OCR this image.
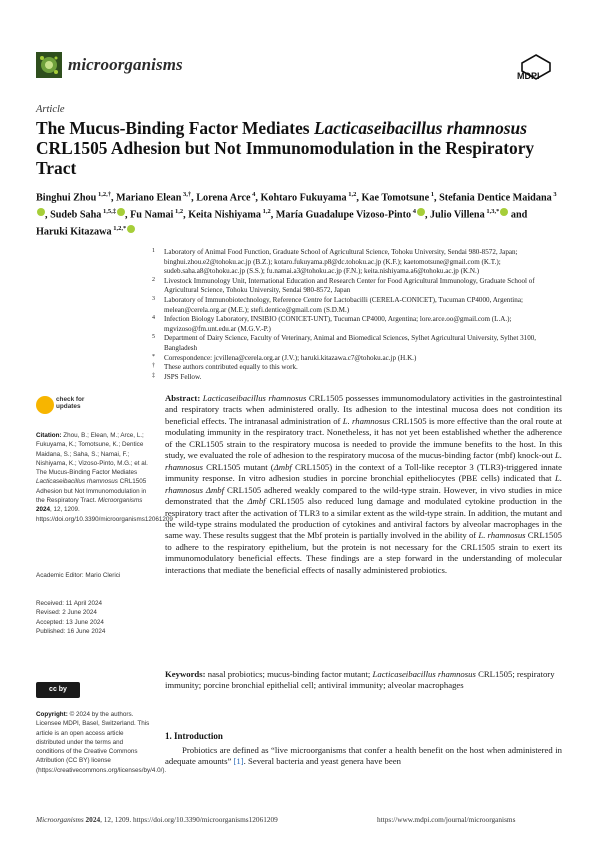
microorganisms
MDPI
Article
The Mucus-Binding Factor Mediates Lacticaseibacillus rhamnosus CRL1505 Adhesion but Not Immunomodulation in the Respiratory Tract
Binghui Zhou $^{1,2,\dagger}$, Mariano Elean $^{3,\dagger}$, Lorena Arce $^4$, Kohtaro Fukuyama $^{1,2}$, Kae Tomotsune $^1$, Stefania Dentice Maidana $^3$, Sudeb Saha $^{1,5,\ddagger}$ , Fu Namai $^{1,2}$, Keita Nishiyama $^{1,2}$, María Guadalupe Vizoso-Pinto $^4$ , Julio Villena $^{1,3,*}$ and Haruki Kitazawa $^{1,2,*}$
1 Laboratory of Animal Food Function, Graduate School of Agricultural Science, Tohoku University, Sendai 980-8572, Japan; binghui.zhou.e2@tohoku.ac.jp (B.Z.); kotaro.fukuyama.p8@dc.tohoku.ac.jp (K.F.); kaetomotsune@gmail.com (K.T.); sudeb.saha.a8@tohoku.ac.jp (S.S.); fu.namai.a3@tohoku.ac.jp (F.N.); keita.nishiyama.a6@tohoku.ac.jp (K.N.)
2 Livestock Immunology Unit, International Education and Research Center for Food Agricultural Immunology, Graduate School of Agricultural Science, Tohoku University, Sendai 980-8572, Japan
3 Laboratory of Immunobiotechnology, Reference Centre for Lactobacilli (CERELA-CONICET), Tucuman CP4000, Argentina; melean@cerela.org.ar (M.E.); stefi.dentice@gmail.com (S.D.M.)
4 Infection Biology Laboratory, INSIBIO (CONICET-UNT), Tucuman CP4000, Argentina; lore.arce.oo@gmail.com (L.A.); mgvizoso@fm.unt.edu.ar (M.G.V.-P.)
5 Department of Dairy Science, Faculty of Veterinary, Animal and Biomedical Sciences, Sylhet Agricultural University, Sylhet 3100, Bangladesh
* Correspondence: jcvillena@cerela.org.ar (J.V.); haruki.kitazawa.c7@tohoku.ac.jp (H.K.)
† These authors contributed equally to this work.
‡ JSPS Fellow.
check for
updates
Citation: Zhou, B.; Elean, M.; Arce, L.; Fukuyama, K.; Tomotsune, K.; Dentice Maidana, S.; Saha, S.; Namai, F.; Nishiyama, K.; Vizoso-Pinto, M.G.; et al. The Mucus-Binding Factor Mediates Lacticaseibacillus rhamnosus CRL1505 Adhesion but Not Immunomodulation in the Respiratory Tract. Microorganisms 2024, 12, 1209. https://doi.org/10.3390/microorganisms12061209
Academic Editor: Mario Clerici
Received: 11 April 2024
Revised: 2 June 2024
Accepted: 13 June 2024
Published: 16 June 2024
cc by
Copyright: © 2024 by the authors. Licensee MDPI, Basel, Switzerland. This article is an open access article distributed under the terms and conditions of the Creative Commons Attribution (CC BY) license (https://creativecommons.org/licenses/by/4.0/).
Abstract: Lacticaseibacillus rhamnosus CRL1505 possesses immunomodulatory activities in the gastrointestinal and respiratory tracts when administered orally. Its adhesion to the intestinal mucosa does not condition its beneficial effects. The intranasal administration of L. rhamnosus CRL1505 is more effective than the oral route at modulating immunity in the respiratory tract. Nonetheless, it has not yet been established whether the adherence of the CRL1505 strain to the respiratory mucosa is needed to provide the immune benefits to the host. In this study, we evaluated the role of adhesion to the respiratory mucosa of the mucus-binding factor (mbf) knock-out L. rhamnosus CRL1505 mutant (Δmbf CRL1505) in the context of a Toll-like receptor 3 (TLR3)-triggered innate immunity response. In vitro adhesion studies in porcine bronchial epitheliocytes (PBE cells) indicated that L. rhamnosus Δmbf CRL1505 adhered weakly compared to the wild-type strain. However, in vivo studies in mice demonstrated that the Δmbf CRL1505 also reduced lung damage and modulated cytokine production in the respiratory tract after the activation of TLR3 to a similar extent as the wild-type strain. In addition, the mutant and the wild-type strains modulated the production of cytokines and antiviral factors by alveolar macrophages in the same way. These results suggest that the Mbf protein is partially involved in the ability of L. rhamnosus CRL1505 to adhere to the respiratory epithelium, but the protein is not necessary for the CRL1505 strain to exert its immunomodulatory beneficial effects. These findings are a step forward in the understanding of molecular interactions that mediate the beneficial effects of nasally administered probiotics.
Keywords: nasal probiotics; mucus-binding factor mutant; Lacticaseibacillus rhamnosus CRL1505; respiratory immunity; porcine bronchial epithelial cell; antiviral immunity; alveolar macrophages
1. Introduction
Probiotics are defined as “live microorganisms that confer a health benefit on the host when administered in adequate amounts” [1]. Several bacteria and yeast genera have been
Microorganisms 2024, 12, 1209. https://doi.org/10.3390/microorganisms12061209	https://www.mdpi.com/journal/microorganisms
